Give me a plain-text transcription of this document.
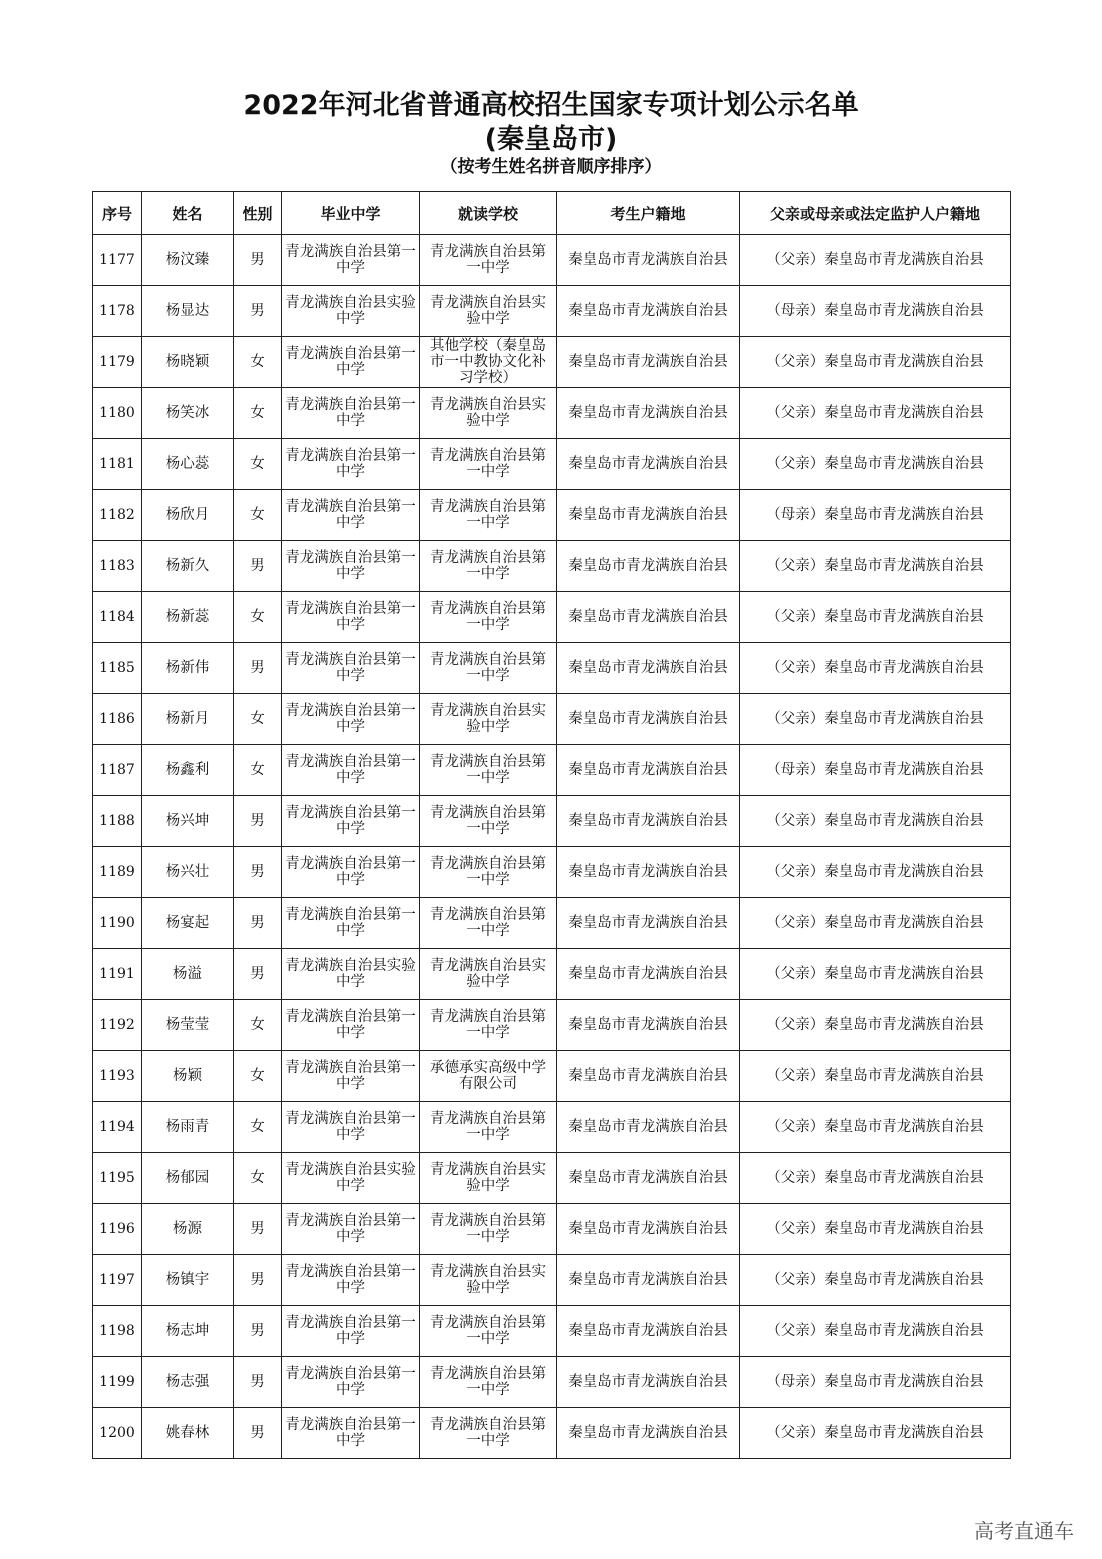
2022年河北省普通高校招生国家专项计划公示名单
(秦皇岛市)
（按考生姓名拼音顺序排序）
序号	姓名	性别	毕业中学	就读学校	考生户籍地	父亲或母亲或法定监护人户籍地
1177	杨汶臻	男	青龙满族自治县第一中学	青龙满族自治县第一中学	秦皇岛市青龙满族自治县	（父亲）秦皇岛市青龙满族自治县
1178	杨显达	男	青龙满族自治县实验中学	青龙满族自治县实验中学	秦皇岛市青龙满族自治县	（母亲）秦皇岛市青龙满族自治县
1179	杨晓颖	女	青龙满族自治县第一中学	其他学校（秦皇岛市一中教协文化补习学校）	秦皇岛市青龙满族自治县	（父亲）秦皇岛市青龙满族自治县
1180	杨笑冰	女	青龙满族自治县第一中学	青龙满族自治县实验中学	秦皇岛市青龙满族自治县	（父亲）秦皇岛市青龙满族自治县
1181	杨心蕊	女	青龙满族自治县第一中学	青龙满族自治县第一中学	秦皇岛市青龙满族自治县	（父亲）秦皇岛市青龙满族自治县
1182	杨欣月	女	青龙满族自治县第一中学	青龙满族自治县第一中学	秦皇岛市青龙满族自治县	（母亲）秦皇岛市青龙满族自治县
1183	杨新久	男	青龙满族自治县第一中学	青龙满族自治县第一中学	秦皇岛市青龙满族自治县	（父亲）秦皇岛市青龙满族自治县
1184	杨新蕊	女	青龙满族自治县第一中学	青龙满族自治县第一中学	秦皇岛市青龙满族自治县	（父亲）秦皇岛市青龙满族自治县
1185	杨新伟	男	青龙满族自治县第一中学	青龙满族自治县第一中学	秦皇岛市青龙满族自治县	（父亲）秦皇岛市青龙满族自治县
1186	杨新月	女	青龙满族自治县第一中学	青龙满族自治县实验中学	秦皇岛市青龙满族自治县	（父亲）秦皇岛市青龙满族自治县
1187	杨鑫利	女	青龙满族自治县第一中学	青龙满族自治县第一中学	秦皇岛市青龙满族自治县	（母亲）秦皇岛市青龙满族自治县
1188	杨兴坤	男	青龙满族自治县第一中学	青龙满族自治县第一中学	秦皇岛市青龙满族自治县	（父亲）秦皇岛市青龙满族自治县
1189	杨兴壮	男	青龙满族自治县第一中学	青龙满族自治县第一中学	秦皇岛市青龙满族自治县	（父亲）秦皇岛市青龙满族自治县
1190	杨宴起	男	青龙满族自治县第一中学	青龙满族自治县第一中学	秦皇岛市青龙满族自治县	（父亲）秦皇岛市青龙满族自治县
1191	杨溢	男	青龙满族自治县实验中学	青龙满族自治县实验中学	秦皇岛市青龙满族自治县	（父亲）秦皇岛市青龙满族自治县
1192	杨莹莹	女	青龙满族自治县第一中学	青龙满族自治县第一中学	秦皇岛市青龙满族自治县	（父亲）秦皇岛市青龙满族自治县
1193	杨颖	女	青龙满族自治县第一中学	承德承实高级中学有限公司	秦皇岛市青龙满族自治县	（父亲）秦皇岛市青龙满族自治县
1194	杨雨青	女	青龙满族自治县第一中学	青龙满族自治县第一中学	秦皇岛市青龙满族自治县	（父亲）秦皇岛市青龙满族自治县
1195	杨郁园	女	青龙满族自治县实验中学	青龙满族自治县实验中学	秦皇岛市青龙满族自治县	（父亲）秦皇岛市青龙满族自治县
1196	杨源	男	青龙满族自治县第一中学	青龙满族自治县第一中学	秦皇岛市青龙满族自治县	（父亲）秦皇岛市青龙满族自治县
1197	杨镇宇	男	青龙满族自治县第一中学	青龙满族自治县实验中学	秦皇岛市青龙满族自治县	（父亲）秦皇岛市青龙满族自治县
1198	杨志坤	男	青龙满族自治县第一中学	青龙满族自治县第一中学	秦皇岛市青龙满族自治县	（父亲）秦皇岛市青龙满族自治县
1199	杨志强	男	青龙满族自治县第一中学	青龙满族自治县第一中学	秦皇岛市青龙满族自治县	（母亲）秦皇岛市青龙满族自治县
1200	姚春林	男	青龙满族自治县第一中学	青龙满族自治县第一中学	秦皇岛市青龙满族自治县	（父亲）秦皇岛市青龙满族自治县
高考直通车
